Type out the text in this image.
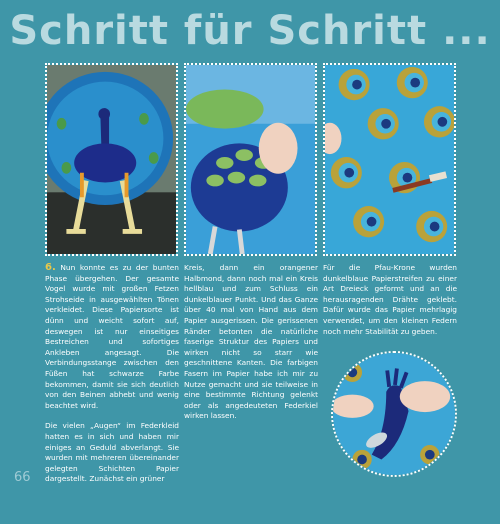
Schritt für Schritt ...

6. Nun konnte es zu der bunten Phase übergehen. Der gesamte Vogel wurde mit großen Fetzen Strohseide in ausgewählten Tönen verkleidet. Diese Papiersorte ist dünn und weicht sofort auf, deswegen ist nur einseitiges Bestreichen und sofortiges Ankleben angesagt. Die Verbindungsstange zwischen den Füßen hat schwarze Farbe bekommen, damit sie sich deutlich von den Beinen abhebt und wenig beachtet wird.

Die vielen „Augen“ im Federkleid hatten es in sich und haben mir einiges an Geduld abverlangt. Sie wurden mit mehreren übereinander gelegten Schichten Papier dargestellt. Zunächst ein grüner

Kreis, dann ein orangener Halbmond, dann noch mal ein Kreis hellblau und zum Schluss ein dunkelblauer Punkt. Und das Ganze über 40 mal von Hand aus dem Papier ausgerissen. Die gerissenen Ränder betonten die natürliche faserige Struktur des Papiers und wirken nicht so starr wie geschnittene Kanten. Die farbigen Fasern im Papier habe ich mir zu Nutze gemacht und sie teilweise in eine bestimmte Richtung gelenkt oder als angedeuteten Federkiel wirken lassen.

Für die Pfau-Krone wurden dunkelblaue Papierstreifen zu einer Art Dreieck geformt und an die herausragenden Drähte geklebt. Dafür wurde das Papier mehrlagig verwendet, um den kleinen Federn noch mehr Stabilität zu geben.

66
